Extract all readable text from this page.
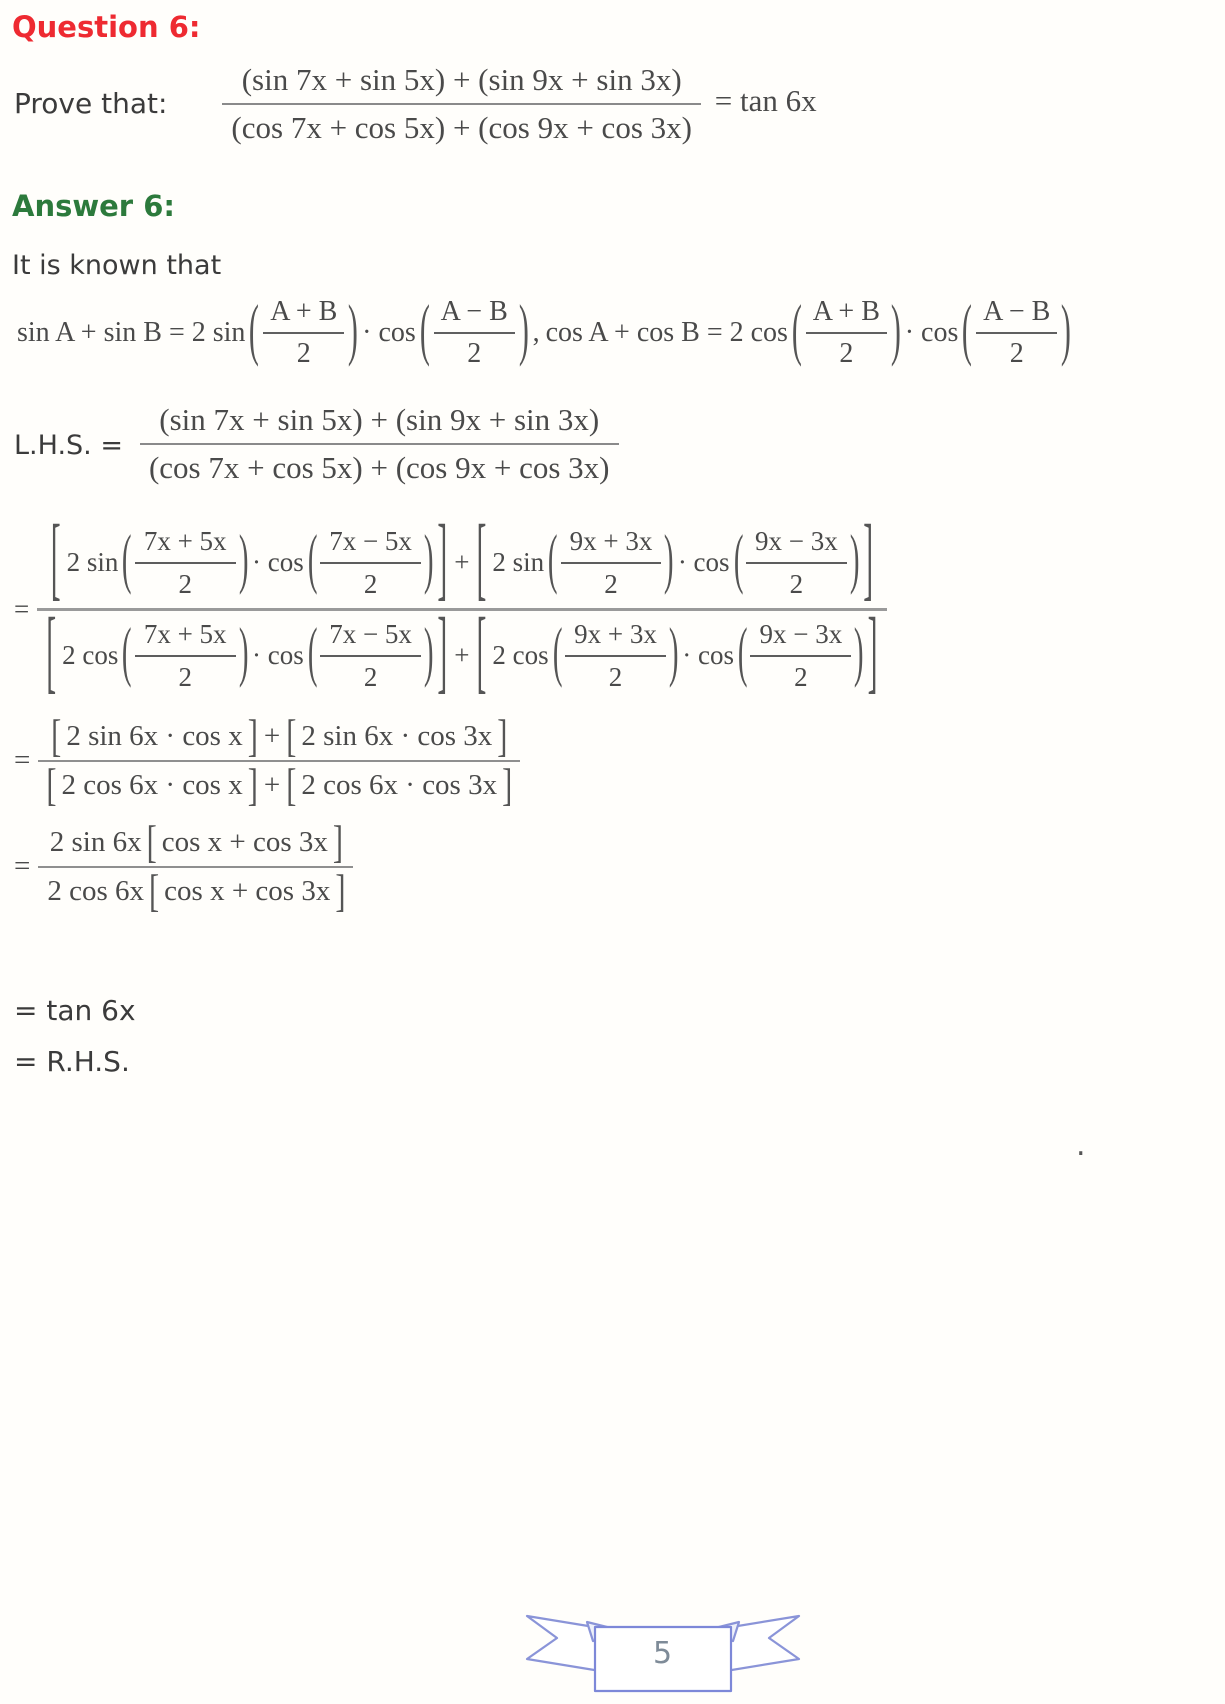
Question 6:
Prove that: $\frac{(\sin 7x + \sin 5x) + (\sin 9x + \sin 3x)}{(\cos 7x + \cos 5x) + (\cos 9x + \cos 3x)} = \tan 6x$
Answer 6:
It is known that
sin A + sin B = 2 sin ( $\frac{A + B}{2}$ ) · cos ( $\frac{A - B}{2}$ ) , cos A + cos B = 2 cos ( $\frac{A + B}{2}$ ) · cos ( $\frac{A - B}{2}$ )
L.H.S. = $\frac{(\sin 7x + \sin 5x) + (\sin 9x + \sin 3x)}{(\cos 7x + \cos 5x) + (\cos 9x + \cos 3x)}$
= [ 2 sin ( $\frac{7x + 5x}{2}$ ) · cos ( $\frac{7x - 5x}{2}$ ) ] + [ 2 sin ( $\frac{9x + 3x}{2}$ ) · cos ( $\frac{9x - 3x}{2}$ ) ]
[ 2 cos ( $\frac{7x + 5x}{2}$ ) · cos ( $\frac{7x - 5x}{2}$ ) ] + [ 2 cos ( $\frac{9x + 3x}{2}$ ) · cos ( $\frac{9x - 3x}{2}$ ) ]
= [ 2 sin 6x · cos x ] + [ 2 sin 6x · cos 3x ]
[ 2 cos 6x · cos x ] + [ 2 cos 6x · cos 3x ]
= $\frac{\text{2 sin 6x [ cos x + cos 3x ]}}{\text{2 cos 6x [ cos x + cos 3x ]}}$
= tan 6x
= R.H.S.
.
5
